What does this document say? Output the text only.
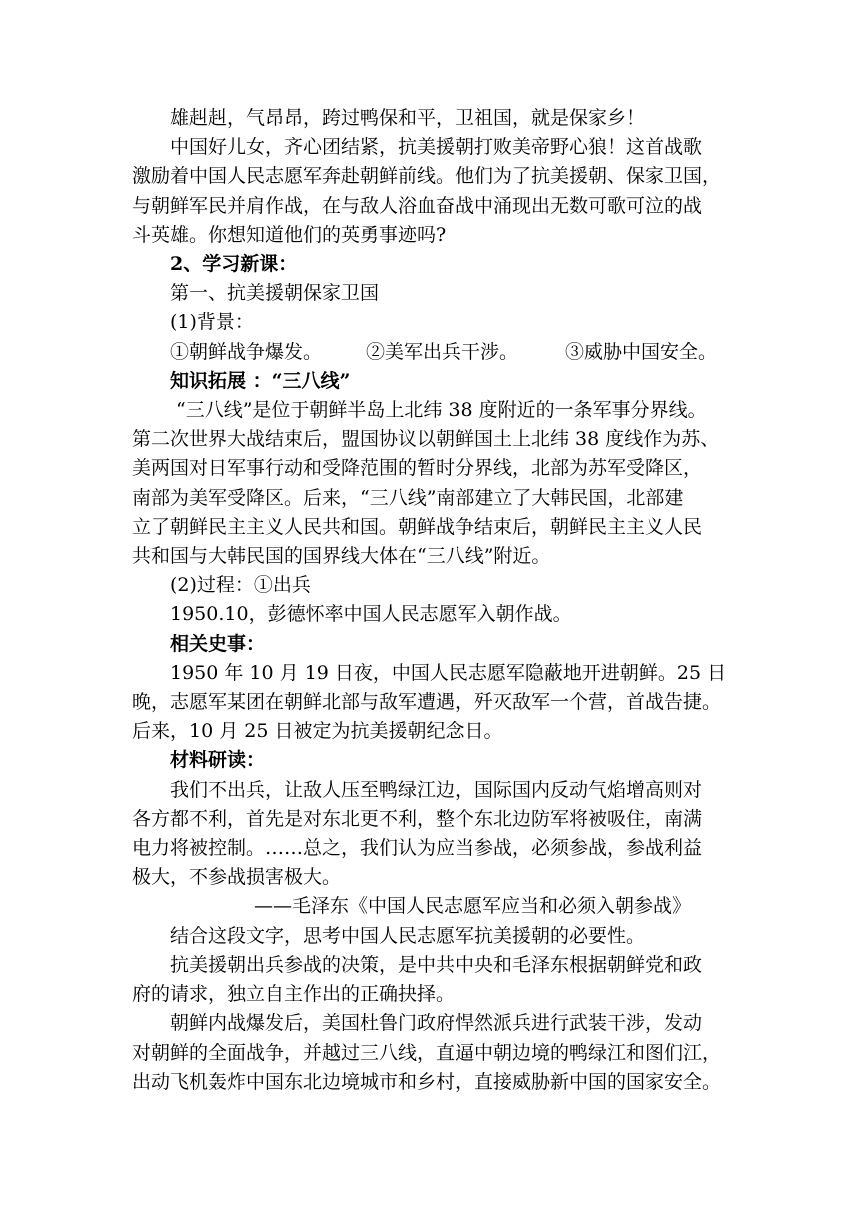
雄赳赳，气昂昂，跨过鸭保和平，卫祖国，就是保家乡！

中国好儿女，齐心团结紧，抗美援朝打败美帝野心狼！这首战歌

激励着中国人民志愿军奔赴朝鲜前线。他们为了抗美援朝、保家卫国，

与朝鲜军民并肩作战，在与敌人浴血奋战中涌现出无数可歌可泣的战

斗英雄。你想知道他们的英勇事迹吗?

2、学习新课：

第一、抗美援朝保家卫国

(1)背景：

①朝鲜战争爆发。	②美军出兵干涉。	③威胁中国安全。

知识拓展 ：“三八线”

“三八线”是位于朝鲜半岛上北纬 38 度附近的一条军事分界线。

第二次世界大战结束后，盟国协议以朝鲜国土上北纬 38 度线作为苏、

美两国对日军事行动和受降范围的暂时分界线，北部为苏军受降区，

南部为美军受降区。后来，“三八线”南部建立了大韩民国，北部建

立了朝鲜民主主义人民共和国。朝鲜战争结束后，朝鲜民主主义人民

共和国与大韩民国的国界线大体在“三八线”附近。

(2)过程：①出兵

1950.10，彭德怀率中国人民志愿军入朝作战。

相关史事：

1950 年 10 月 19 日夜，中国人民志愿军隐蔽地开进朝鲜。25 日

晚，志愿军某团在朝鲜北部与敌军遭遇，歼灭敌军一个营，首战告捷。

后来，10 月 25 日被定为抗美援朝纪念日。

材料研读：

我们不出兵，让敌人压至鸭绿江边，国际国内反动气焰增高则对

各方都不利，首先是对东北更不利，整个东北边防军将被吸住，南满

电力将被控制。……总之，我们认为应当参战，必须参战，参战利益

极大，不参战损害极大。

——毛泽东《中国人民志愿军应当和必须入朝参战》

结合这段文字，思考中国人民志愿军抗美援朝的必要性。

抗美援朝出兵参战的决策，是中共中央和毛泽东根据朝鲜党和政

府的请求，独立自主作出的正确抉择。

朝鲜内战爆发后，美国杜鲁门政府悍然派兵进行武装干涉，发动

对朝鲜的全面战争，并越过三八线，直逼中朝边境的鸭绿江和图们江，

出动飞机轰炸中国东北边境城市和乡村，直接威胁新中国的国家安全。
